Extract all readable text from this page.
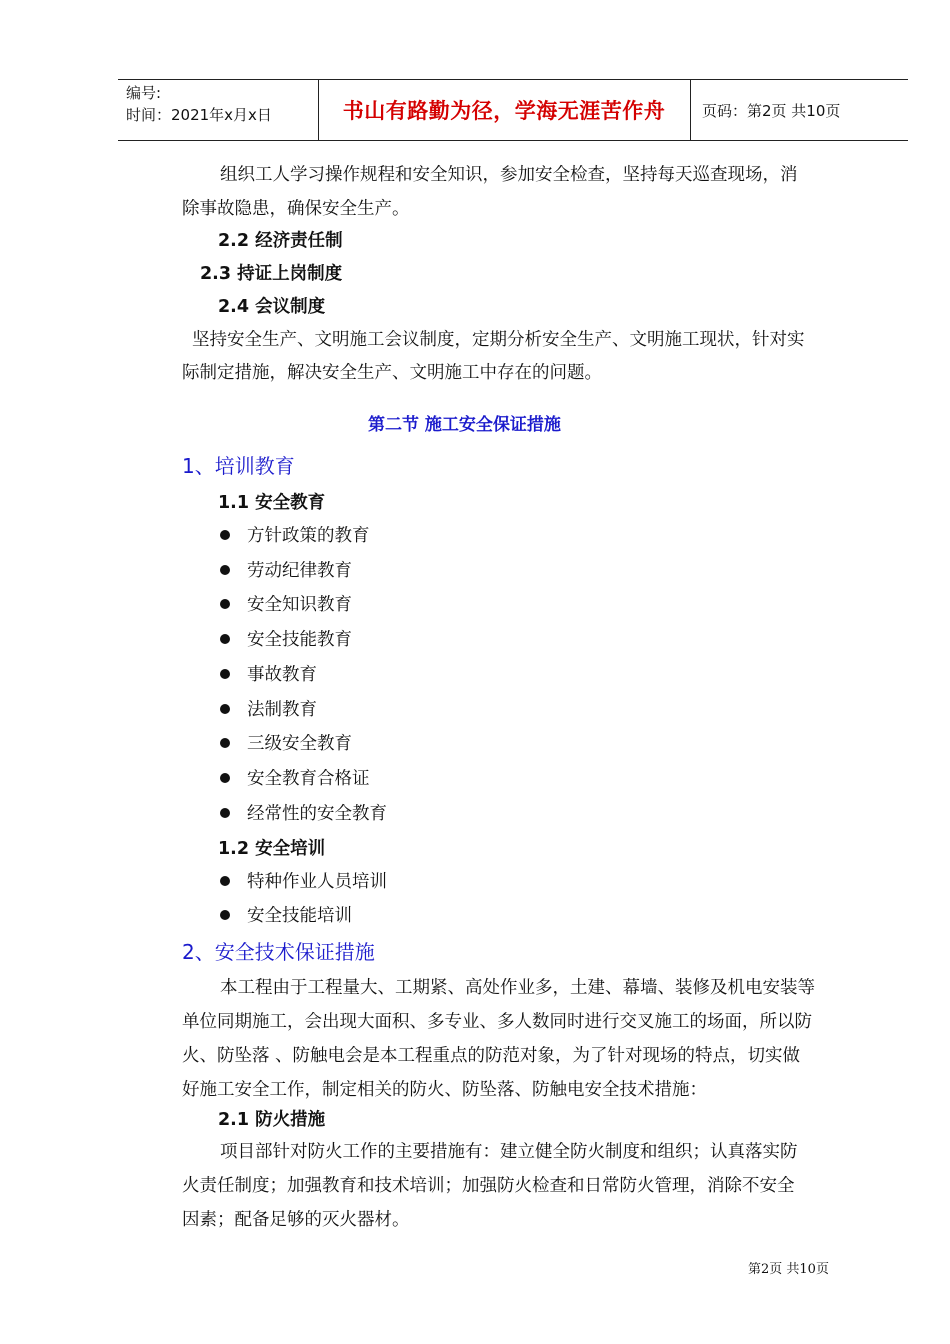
编号:
时间：2021年x月x日	书山有路勤为径，学海无涯苦作舟	页码：第2页 共10页
组织工人学习操作规程和安全知识，参加安全检查，坚持每天巡查现场，消
除事故隐患，确保安全生产。
2.2 经济责任制
2.3 持证上岗制度
2.4 会议制度
坚持安全生产、文明施工会议制度，定期分析安全生产、文明施工现状，针对实
际制定措施，解决安全生产、文明施工中存在的问题。
第二节 施工安全保证措施
1、培训教育
1.1 安全教育
方针政策的教育
劳动纪律教育
安全知识教育
安全技能教育
事故教育
法制教育
三级安全教育
安全教育合格证
经常性的安全教育
1.2 安全培训
特种作业人员培训
安全技能培训
2、安全技术保证措施
本工程由于工程量大、工期紧、高处作业多，土建、幕墙、装修及机电安装等
单位同期施工，会出现大面积、多专业、多人数同时进行交叉施工的场面，所以防
火、防坠落 、防触电会是本工程重点的防范对象，为了针对现场的特点，切实做
好施工安全工作，制定相关的防火、防坠落、防触电安全技术措施：
2.1 防火措施
项目部针对防火工作的主要措施有：建立健全防火制度和组织；认真落实防
火责任制度；加强教育和技术培训；加强防火检查和日常防火管理，消除不安全
因素；配备足够的灭火器材。
第2页 共10页
